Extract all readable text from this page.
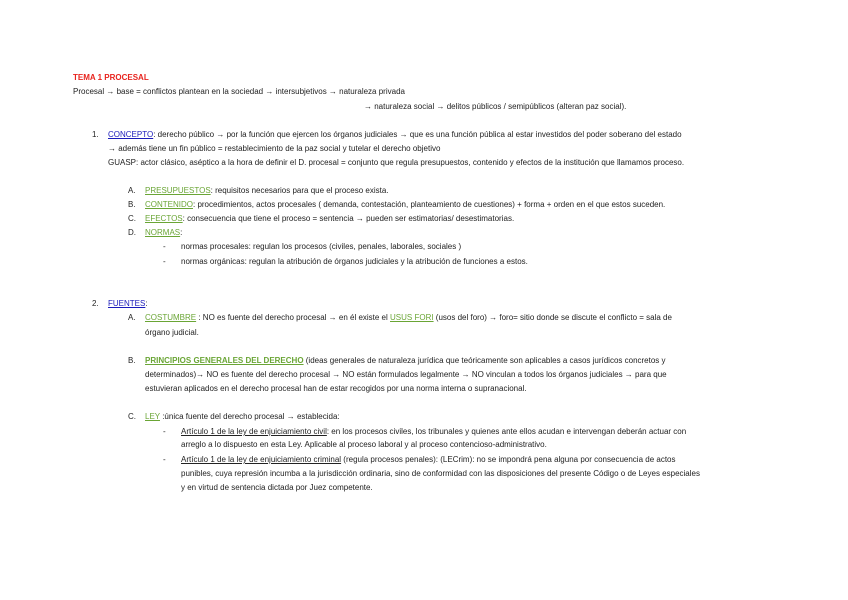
TEMA 1 PROCESAL
Procesal → base = conflictos plantean en la sociedad → intersubjetivos → naturaleza privada
→ naturaleza social → delitos públicos / semipúblicos (alteran paz social).
1. CONCEPTO: derecho público → por la función que ejercen los órganos judiciales → que es una función pública al estar investidos del poder soberano del estado
→ además tiene un fin público = restablecimiento de la paz social y tutelar el derecho objetivo
GUASP: actor clásico, aséptico a la hora de definir el D. procesal = conjunto que regula presupuestos, contenido y efectos de la institución que llamamos proceso.
A. PRESUPUESTOS: requisitos necesarios para que el proceso exista.
B. CONTENIDO: procedimientos, actos procesales ( demanda, contestación, planteamiento de cuestiones) + forma + orden en el que estos suceden.
C. EFECTOS: consecuencia que tiene el proceso = sentencia → pueden ser estimatorias/ desestimatorias.
D. NORMAS:
- normas procesales: regulan los procesos (civiles, penales, laborales, sociales )
- normas orgánicas: regulan la atribución de órganos judiciales y la atribución de funciones a estos.
2. FUENTES:
A. COSTUMBRE : NO es fuente del derecho procesal → en él existe el USUS FORI (usos del foro) → foro= sitio donde se discute el conflicto = sala de
órgano judicial.
B. PRINCIPIOS GENERALES DEL DERECHO (ideas generales de naturaleza jurídica que teóricamente son aplicables a casos jurídicos concretos y
determinados)→ NO es fuente del derecho procesal → NO están formulados legalmente → NO vinculan a todos los órganos judiciales → para que
estuvieran aplicados en el derecho procesal han de estar recogidos por una norma interna o supranacional.
C. LEY :única fuente del derecho procesal → establecida:
- Artículo 1 de la ley de enjuiciamiento civil: en los procesos civiles, los tribunales y quienes ante ellos acudan e intervengan deberán actuar con
arreglo a lo dispuesto en esta Ley. Aplicable al proceso laboral y al proceso contencioso-administrativo.
- Artículo 1 de la ley de enjuiciamiento criminal (regula procesos penales): (LECrim): no se impondrá pena alguna por consecuencia de actos
punibles, cuya represión incumba a la jurisdicción ordinaria, sino de conformidad con las disposiciones del presente Código o de Leyes especiales
y en virtud de sentencia dictada por Juez competente.
